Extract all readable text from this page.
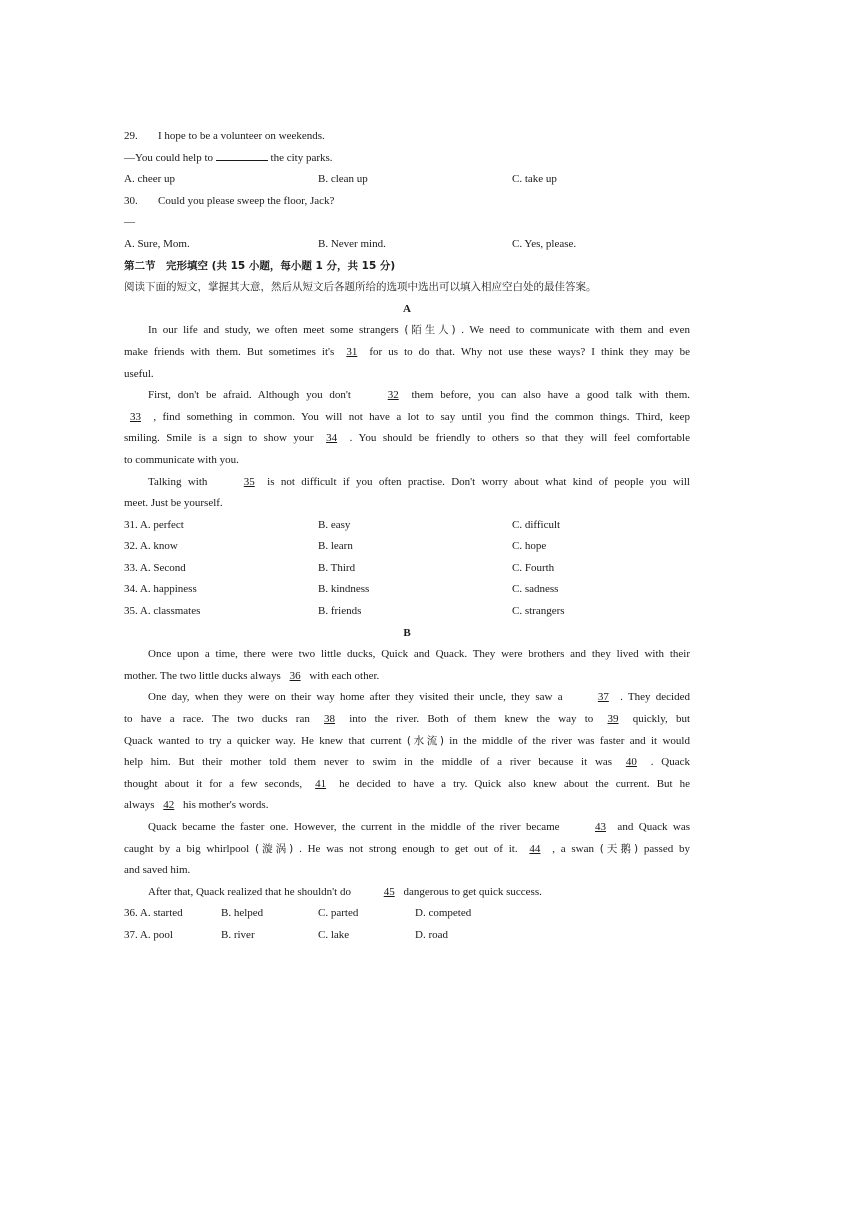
29. I hope to be a volunteer on weekends.
—You could help to	the city parks.
A. cheer up	B. clean up	C. take up
30. Could you please sweep the floor, Jack?
—
A. Sure, Mom.	B. Never mind.	C. Yes, please.
第二节　完形填空 (共 15 小题，每小题 1 分，共 15 分)
阅读下面的短文，掌握其大意，然后从短文后各题所给的选项中选出可以填入相应空白处的最佳答案。
A
In our life and study, we often meet some strangers (陌生人) . We need to communicate with them and even
make friends with them. But sometimes it's 31 for us to do that. Why not use these ways? I think they may be
useful.
First, don't be afraid. Although you don't	32 them before, you can also have a good talk with them.
33 , find something in common. You will not have a lot to say until you find the common things. Third, keep
smiling. Smile is a sign to show your 34 . You should be friendly to others so that they will feel comfortable
to communicate with you.
Talking with	35 is not difficult if you often practise. Don't worry about what kind of people you will
meet. Just be yourself.
31. A. perfect	B. easy	C. difficult
32. A. know	B. learn	C. hope
33. A. Second	B. Third	C. Fourth
34. A. happiness	B. kindness	C. sadness
35. A. classmates	B. friends	C. strangers
B
Once upon a time, there were two little ducks, Quick and Quack. They were brothers and they lived with their
mother. The two little ducks always 36 with each other.
One day, when they were on their way home after they visited their uncle, they saw a	37 . They decided
to have a race. The two ducks ran 38 into the river. Both of them knew the way to 39 quickly, but
Quack wanted to try a quicker way. He knew that current (水流) in the middle of the river was faster and it would
help him. But their mother told them never to swim in the middle of a river because it was 40 . Quack
thought about it for a few seconds, 41 he decided to have a try. Quick also knew about the current. But he
always 42 his mother's words.
Quack became the faster one. However, the current in the middle of the river became	43 and Quack was
caught by a big whirlpool (漩涡) . He was not strong enough to get out of it. 44 , a swan (天鹅) passed by
and saved him.
After that, Quack realized that he shouldn't do	45 dangerous to get quick success.
36. A. started	B. helped	C. parted	D. competed
37. A. pool	B. river	C. lake	D. road
